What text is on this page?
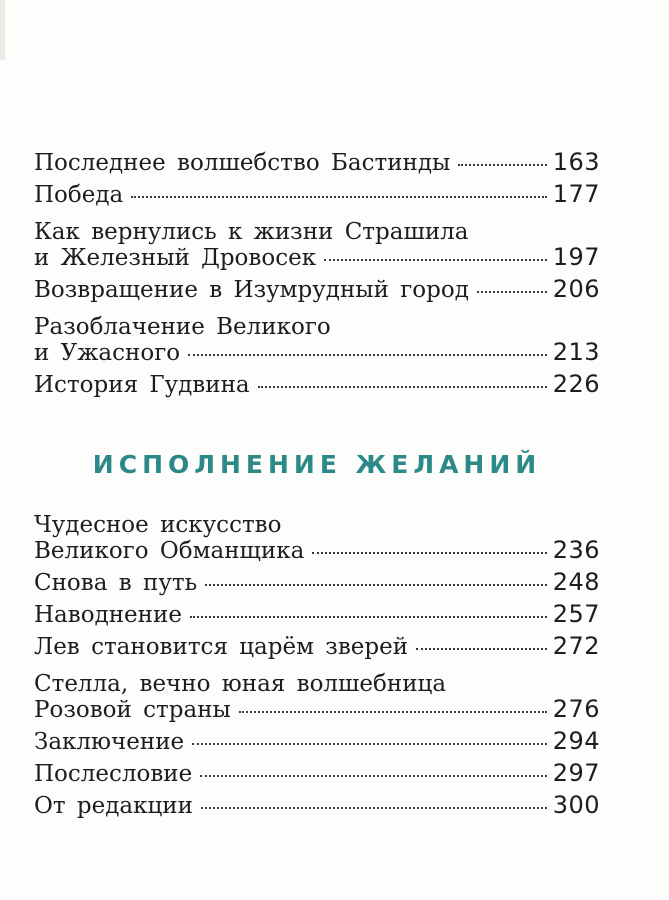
Последнее волшебство Бастинды	163
Победа	177
Как вернулись к жизни Страшила
и Железный Дровосек	197
Возвращение в Изумрудный город	206
Разоблачение Великого
и Ужасного	213
История Гудвина	226
ИСПОЛНЕНИЕ ЖЕЛАНИЙ
Чудесное искусство
Великого Обманщика	236
Снова в путь	248
Наводнение	257
Лев становится царём зверей	272
Стелла, вечно юная волшебница
Розовой страны	276
Заключение	294
Послесловие	297
От редакции	300
